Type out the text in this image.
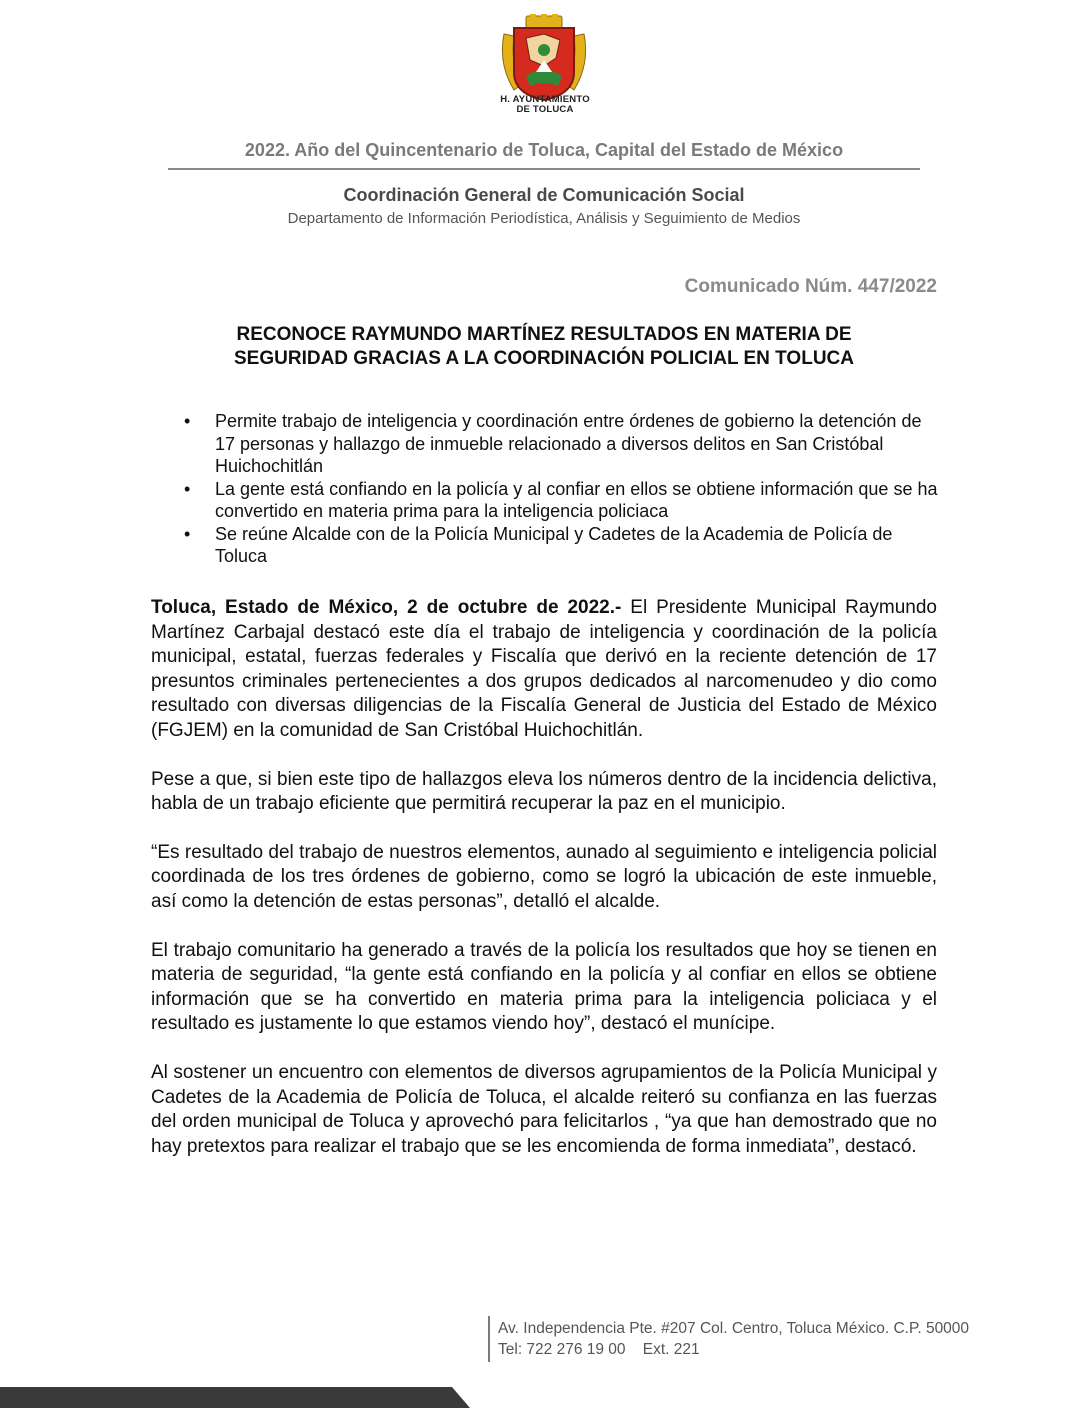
H. AYUNTAMIENTO
DE TOLUCA
2022. Año del Quincentenario de Toluca, Capital del Estado de México
Coordinación General de Comunicación Social
Departamento de Información Periodística, Análisis y Seguimiento de Medios
Comunicado Núm. 447/2022
RECONOCE RAYMUNDO MARTÍNEZ RESULTADOS EN MATERIA DE
SEGURIDAD GRACIAS A LA COORDINACIÓN POLICIAL EN TOLUCA
• Permite trabajo de inteligencia y coordinación entre órdenes de gobierno la detención de 17 personas y hallazgo de inmueble relacionado a diversos delitos en San Cristóbal Huichochitlán
• La gente está confiando en la policía y al confiar en ellos se obtiene información que se ha convertido en materia prima para la inteligencia policiaca
• Se reúne Alcalde con de la Policía Municipal y Cadetes de la Academia de Policía de Toluca

Toluca, Estado de México, 2 de octubre de 2022.- El Presidente Municipal Raymundo Martínez Carbajal destacó este día el trabajo de inteligencia y coordinación de la policía municipal, estatal, fuerzas federales y Fiscalía que derivó en la reciente detención de 17 presuntos criminales pertenecientes a dos grupos dedicados al narcomenudeo y dio como resultado con diversas diligencias de la Fiscalía General de Justicia del Estado de México (FGJEM) en la comunidad de San Cristóbal Huichochitlán.

Pese a que, si bien este tipo de hallazgos eleva los números dentro de la incidencia delictiva, habla de un trabajo eficiente que permitirá recuperar la paz en el municipio.

“Es resultado del trabajo de nuestros elementos, aunado al seguimiento e inteligencia policial coordinada de los tres órdenes de gobierno, como se logró la ubicación de este inmueble, así como la detención de estas personas”, detalló el alcalde.

El trabajo comunitario ha generado a través de la policía los resultados que hoy se tienen en materia de seguridad, “la gente está confiando en la policía y al confiar en ellos se obtiene información que se ha convertido en materia prima para la inteligencia policiaca y el resultado es justamente lo que estamos viendo hoy”, destacó el munícipe.

Al sostener un encuentro con elementos de diversos agrupamientos de la Policía Municipal y Cadetes de la Academia de Policía de Toluca, el alcalde reiteró su confianza en las fuerzas del orden municipal de Toluca y aprovechó para felicitarlos , “ya que han demostrado que no hay pretextos para realizar el trabajo que se les encomienda de forma inmediata”, destacó.

Av. Independencia Pte. #207 Col. Centro, Toluca México. C.P. 50000
Tel: 722 276 19 00    Ext. 221
